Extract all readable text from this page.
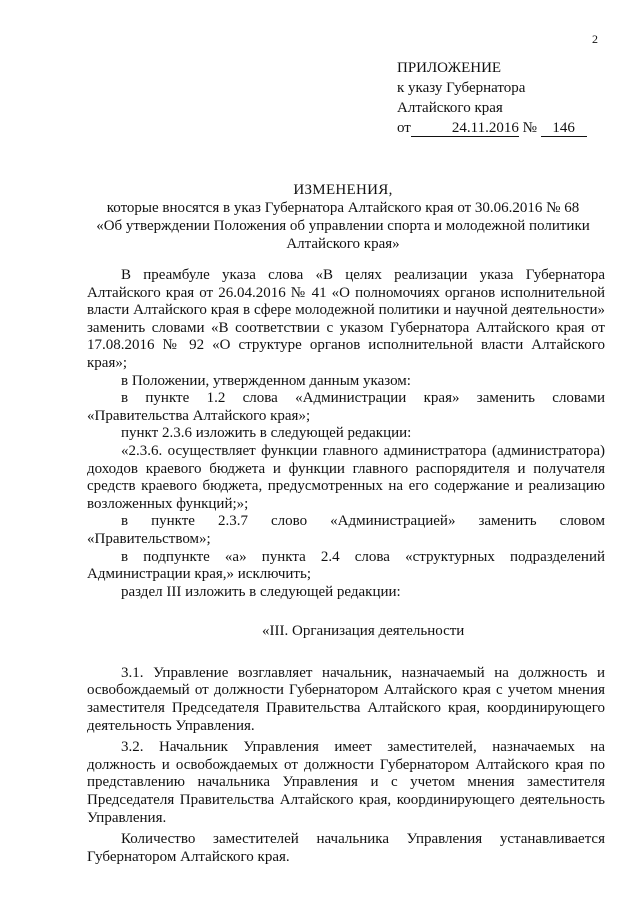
2
ПРИЛОЖЕНИЕ
к указу Губернатора
Алтайского края
от	24.11.2016 № 146
ИЗМЕНЕНИЯ,
которые вносятся в указ Губернатора Алтайского края от 30.06.2016 № 68
«Об утверждении Положения об управлении спорта и молодежной политики
Алтайского края»

В преамбуле указа слова «В целях реализации указа Губернатора Алтайского края от 26.04.2016 № 41 «О полномочиях органов исполнительной власти Алтайского края в сфере молодежной политики и научной деятельности» заменить словами «В соответствии с указом Губернатора Алтайского края от 17.08.2016 № 92 «О структуре органов исполнительной власти Алтайского края»;

в Положении, утвержденном данным указом:

в пункте 1.2 слова «Администрации края» заменить словами «Правительства Алтайского края»;

пункт 2.3.6 изложить в следующей редакции:

«2.3.6. осуществляет функции главного администратора (администратора) доходов краевого бюджета и функции главного распорядителя и получателя средств краевого бюджета, предусмотренных на его содержание и реализацию возложенных функций;»;

в пункте 2.3.7 слово «Администрацией» заменить словом «Правительством»;

в подпункте «а» пункта 2.4 слова «структурных подразделений Администрации края,» исключить;

раздел III изложить в следующей редакции:

«III. Организация деятельности

3.1. Управление возглавляет начальник, назначаемый на должность и освобождаемый от должности Губернатором Алтайского края с учетом мнения заместителя Председателя Правительства Алтайского края, координирующего деятельность Управления.

3.2. Начальник Управления имеет заместителей, назначаемых на должность и освобождаемых от должности Губернатором Алтайского края по представлению начальника Управления и с учетом мнения заместителя Председателя Правительства Алтайского края, координирующего деятельность Управления.

Количество заместителей начальника Управления устанавливается Губернатором Алтайского края.
